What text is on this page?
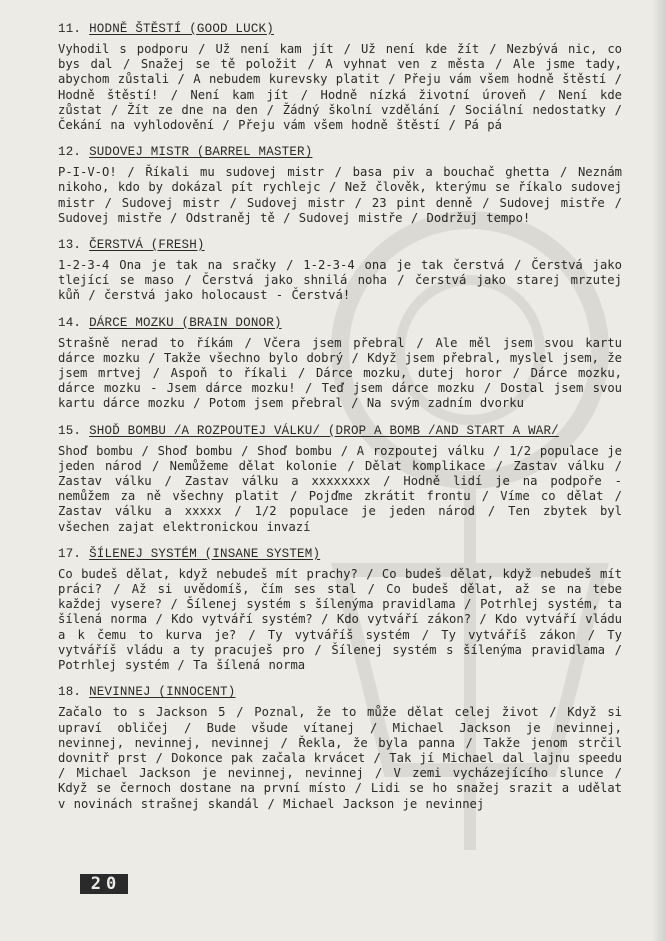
11. HODNĚ ŠTĚSTÍ (GOOD LUCK)

Vyhodil s podporu / Už není kam jít / Už není kde žít / Nezbývá nic, co bys dal / Snažej se tě položit / A vyhnat ven z města / Ale jsme tady, abychom zůstali / A nebudem kurevsky platit / Přeju vám všem hodně štěstí / Hodně štěstí! / Není kam jít / Hodně nízká životní úroveň / Není kde zůstat / Žít ze dne na den / Žádný školní vzdělání / Sociální nedostatky / Čekání na vyhlodovění / Přeju vám všem hodně štěstí / Pá pá

12. SUDOVEJ MISTR (BARREL MASTER)

P-I-V-O! / Říkali mu sudovej mistr / basa piv a bouchač ghetta / Neznám nikoho, kdo by dokázal pít rychlejc / Než člověk, kterýmu se říkalo sudovej mistr / Sudovej mistr / Sudovej mistr / 23 pint denně / Sudovej mistře / Sudovej mistře / Odstraněj tě / Sudovej mistře / Dodržuj tempo!

13. ČERSTVÁ (FRESH)

1-2-3-4 Ona je tak na sračky / 1-2-3-4 ona je tak čerstvá / Čerstvá jako tlející se maso / Čerstvá jako shnilá noha / čerstvá jako starej mrzutej kůň / čerstvá jako holocaust - Čerstvá!

14. DÁRCE MOZKU (BRAIN DONOR)

Strašně nerad to říkám / Včera jsem přebral / Ale měl jsem svou kartu dárce mozku / Takže všechno bylo dobrý / Když jsem přebral, myslel jsem, že jsem mrtvej / Aspoň to říkali / Dárce mozku, dutej horor / Dárce mozku, dárce mozku - Jsem dárce mozku! / Teď jsem dárce mozku / Dostal jsem svou kartu dárce mozku / Potom jsem přebral / Na svým zadním dvorku

15. SHOĎ BOMBU /A ROZPOUTEJ VÁLKU/ (DROP A BOMB /AND START A WAR/

Shoď bombu / Shoď bombu / Shoď bombu / A rozpoutej válku / 1/2 populace je jeden národ / Nemůžeme dělat kolonie / Dělat komplikace / Zastav válku / Zastav válku / Zastav válku a xxxxxxxx / Hodně lidí je na podpoře - nemůžem za ně všechny platit / Pojďme zkrátit frontu / Víme co dělat / Zastav válku a xxxxx / 1/2 populace je jeden národ / Ten zbytek byl všechen zajat elektronickou invazí

17. ŠÍLENEJ SYSTÉM (INSANE SYSTEM)

Co budeš dělat, když nebudeš mít prachy? / Co budeš dělat, když nebudeš mít práci? / Až si uvědomíš, čím ses stal / Co budeš dělat, až se na tebe každej vysere? / Šílenej systém s šílenýma pravidlama / Potrhlej systém, ta šílená norma / Kdo vytváří systém? / Kdo vytváří zákon? / Kdo vytváří vládu a k čemu to kurva je? / Ty vytváříš systém / Ty vytváříš zákon / Ty vytváříš vládu a ty pracuješ pro / Šílenej systém s šílenýma pravidlama / Potrhlej systém / Ta šílená norma

18. NEVINNEJ (INNOCENT)

Začalo to s Jackson 5 / Poznal, že to může dělat celej život / Když si upraví obličej / Bude všude vítanej / Michael Jackson je nevinnej, nevinnej, nevinnej, nevinnej / Řekla, že byla panna / Takže jenom strčil dovnitř prst / Dokonce pak začala krvácet / Tak jí Michael dal lajnu speedu / Michael Jackson je nevinnej, nevinnej / V zemi vycházejícího slunce / Když se černoch dostane na první místo / Lidi se ho snažej srazit a udělat v novinách strašnej skandál / Michael Jackson je nevinnej

20
